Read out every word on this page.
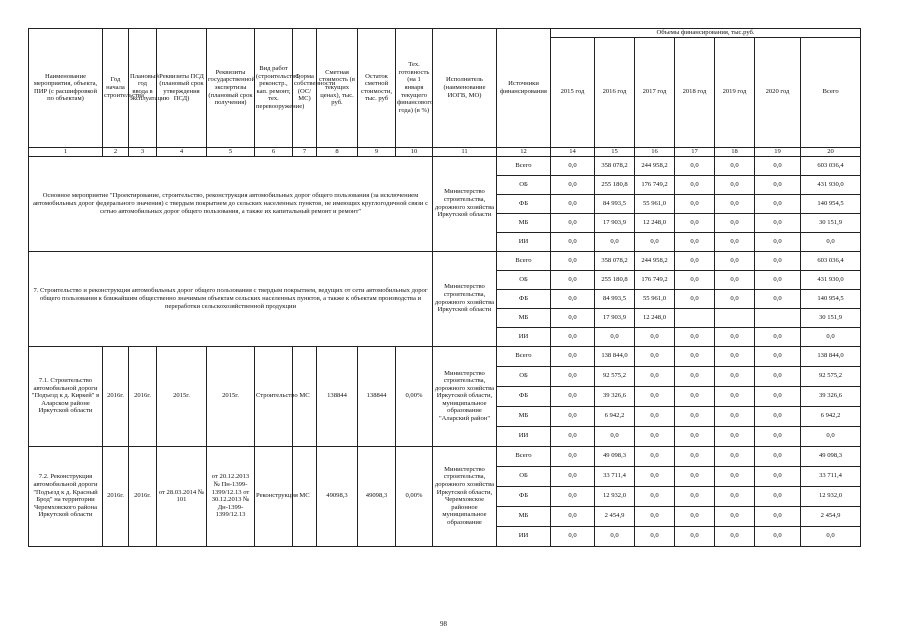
Наименование мероприятия, объекта, ПИР (с расшифровкой по объектам)	Год начала строительства	Плановый год ввода в эксплуатацию	Реквизиты ПСД (плановый срок утверждения ПСД)	Реквизиты государственной экспертизы (плановый срок получения)	Вид работ (строительство, реконстр., кап. ремонт, тех. перевооружение)	Форма собственности (ОС/МС)	Сметная стоимость (в текущих ценах), тыс. руб.	Остаток сметной стоимости, тыс. руб	Тех. готовность (на 1 января текущего финансового года) (в %)	Исполнитель (наименование ИОГВ, МО)	Источники финансирования	Объемы финансирования, тыс.руб.						
												2015 год	2016 год	2017 год	2018 год	2019 год	2020 год	Всего
1	2	3	4	5	6	7	8	9	10	11	12	14	15	16	17	18	19	20
Основное мероприятие "Проектирование, строительство, реконструкция автомобильных дорог общего пользования (за исключением автомобильных дорог федерального значения) с твердым покрытием до сельских населенных пунктов, не имеющих круглогодичной связи с сетью автомобильных дорог общего пользования, а также их капитальный ремонт и ремонт"										Министерство строительства, дорожного хозяйства Иркутской области	Всего	0,0	358 078,2	244 958,2	0,0	0,0	0,0	603 036,4
											ОБ	0,0	255 180,8	176 749,2	0,0	0,0	0,0	431 930,0
											ФБ	0,0	84 993,5	55 961,0	0,0	0,0	0,0	140 954,5
											МБ	0,0	17 903,9	12 248,0	0,0	0,0	0,0	30 151,9
											ИИ	0,0	0,0	0,0	0,0	0,0	0,0	0,0
7. Строительство и реконструкция автомобильных дорог общего пользования с твердым покрытием, ведущих от сети автомобильных дорог общего пользования к ближайшим общественно значимым объектам сельских населенных пунктов, а также к объектам производства и переработки сельскохозяйственной продукции										Министерство строительства, дорожного хозяйства Иркутской области	Всего	0,0	358 078,2	244 958,2	0,0	0,0	0,0	603 036,4
											ОБ	0,0	255 180,8	176 749,2	0,0	0,0	0,0	431 930,0
											ФБ	0,0	84 993,5	55 961,0	0,0	0,0	0,0	140 954,5
											МБ	0,0	17 903,9	12 248,0				30 151,9
											ИИ	0,0	0,0	0,0	0,0	0,0	0,0	0,0
7.1. Строительство автомобильной дороги "Подъезд к д. Киркей" в Аларском районе Иркутской области	2016г.	2016г.	2015г.	2015г.	Строительство	МС	138844	138844	0,00%	Министерство строительства, дорожного хозяйства Иркутской области, муниципальное образование "Аларский район"	Всего	0,0	138 844,0	0,0	0,0	0,0	0,0	138 844,0
											ОБ	0,0	92 575,2	0,0	0,0	0,0	0,0	92 575,2
											ФБ	0,0	39 326,6	0,0	0,0	0,0	0,0	39 326,6
											МБ	0,0	6 942,2	0,0	0,0	0,0	0,0	6 942,2
											ИИ	0,0	0,0	0,0	0,0	0,0	0,0	0,0
7.2. Реконструкция автомобильной дороги "Подъезд к д. Красный Брод" на территории Черемховского района Иркутской области	2016г.	2016г.	от 28.03.2014 № 101	от 20.12.2013 № Пн-1399-1399/12.13 от 30.12.2013 № Дн-1399-1399/12.13	Реконструкция	МС	49098,3	49098,3	0,00%	Министерство строительства, дорожного хозяйства Иркутской области, Черемховское районное муниципальное образование	Всего	0,0	49 098,3	0,0	0,0	0,0	0,0	49 098,3
											ОБ	0,0	33 711,4	0,0	0,0	0,0	0,0	33 711,4
											ФБ	0,0	12 932,0	0,0	0,0	0,0	0,0	12 932,0
											МБ	0,0	2 454,9	0,0	0,0	0,0	0,0	2 454,9
											ИИ	0,0	0,0	0,0	0,0	0,0	0,0	0,0
98
